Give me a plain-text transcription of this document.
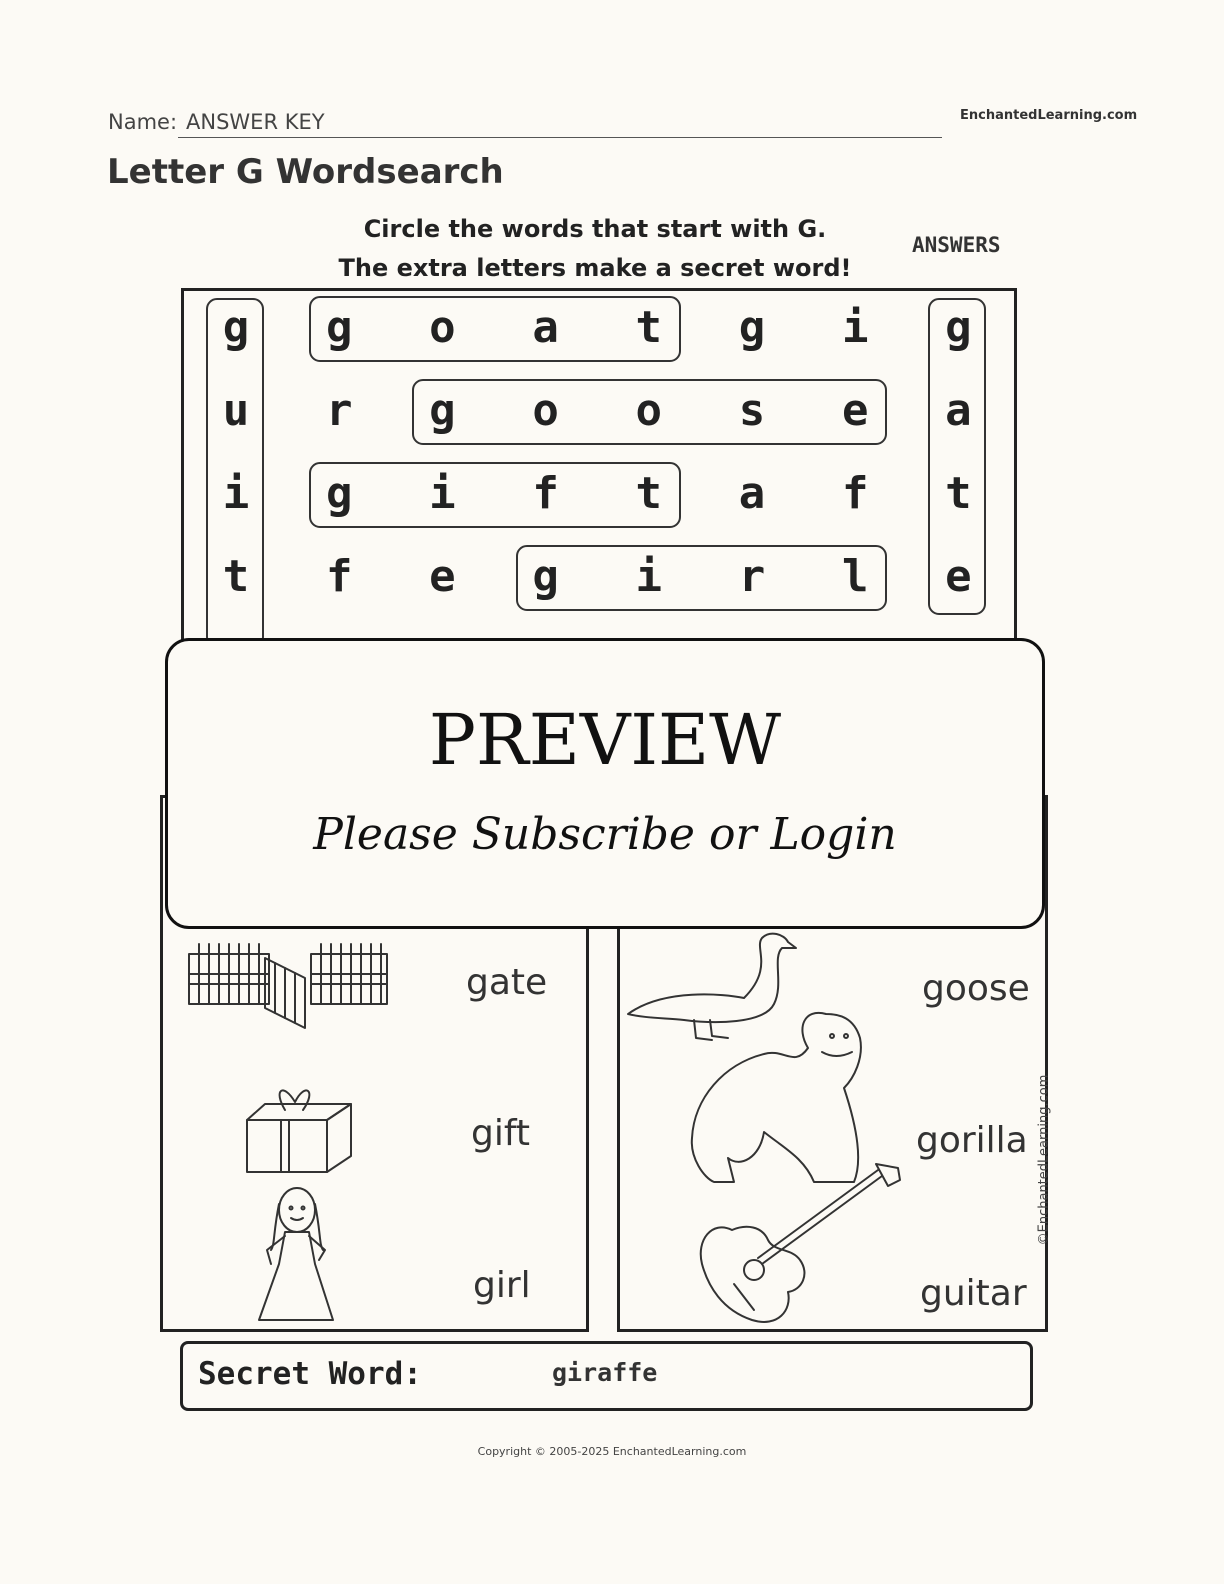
Name: ANSWER KEY	EnchantedLearning.com
Letter G Wordsearch
Circle the words that start with G.
The extra letters make a secret word!
ANSWERS
g	g	o	a	t	g	i	g
u	r	g	o	o	s	e	a
i	g	i	f	t	a	f	t
t	f	e	g	i	r	l	e
gate
gift
girl
goose
gorilla
guitar
©EnchantedLearning.com
Secret Word:	giraffe
PREVIEW
Please Subscribe or Login
Copyright © 2005-2025 EnchantedLearning.com
